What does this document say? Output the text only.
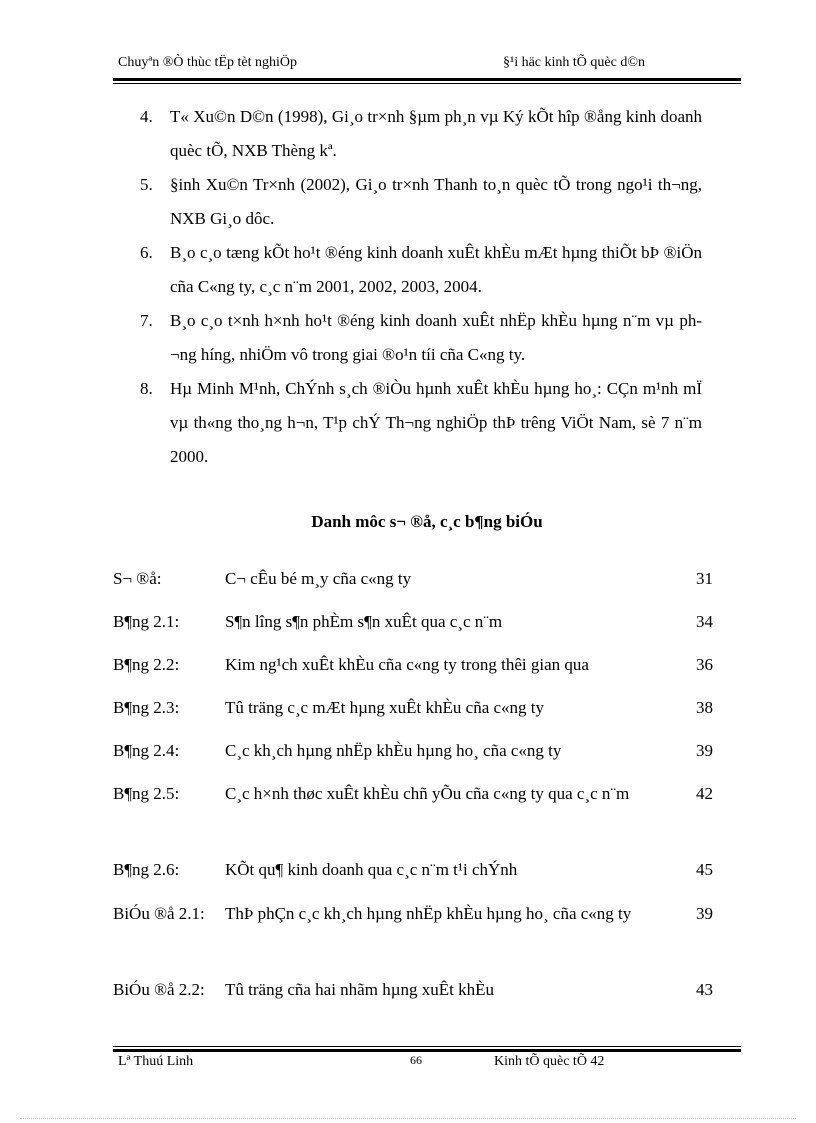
Chuyªn ®Ò thùc tËp tèt nghiÖp	§¹i häc kinh tÕ quèc d©n
4.	T« Xu©n D©n (1998), Gi¸o tr×nh §µm ph¸n vµ Ký kÕt hîp ®ång kinh doanh quèc tÕ, NXB Thèng kª.
5.	§inh Xu©n Tr×nh (2002), Gi¸o tr×nh Thanh to¸n quèc tÕ trong ngo¹i th¬ng, NXB Gi¸o dôc.
6.	B¸o c¸o tæng kÕt ho¹t ®éng kinh doanh xuÊt khÈu mÆt hµng thiÕt bÞ ®iÖn cña C«ng ty, c¸c n¨m 2001, 2002, 2003, 2004.
7.	B¸o c¸o t×nh h×nh ho¹t ®éng kinh doanh xuÊt nhËp khÈu hµng n¨m vµ ph¬ng híng, nhiÖm vô trong giai ®o¹n tíi cña C«ng ty.
8.	Hµ Minh M¹nh, ChÝnh s¸ch ®iÒu hµnh xuÊt khÈu hµng ho¸: CÇn m¹nh mÏ vµ th«ng tho¸ng h¬n, T¹p chÝ Th¬ng nghiÖp thÞ trêng ViÖt Nam, sè 7 n¨m 2000.
Danh môc s¬ ®å, c¸c b¶ng biÓu
S¬ ®å:	C¬ cÊu bé m¸y cña c«ng ty	31
B¶ng 2.1:	S¶n lîng s¶n phÈm s¶n xuÊt qua c¸c n¨m	34
B¶ng 2.2:	Kim ng¹ch xuÊt khÈu cña c«ng ty trong thêi gian qua	36
B¶ng 2.3:	Tû träng c¸c mÆt hµng xuÊt khÈu cña c«ng ty	38
B¶ng 2.4:	C¸c kh¸ch hµng nhËp khÈu hµng ho¸ cña c«ng ty	39
B¶ng 2.5:	C¸c h×nh thøc xuÊt khÈu chñ yÕu cña c«ng ty qua c¸c n¨m	42
B¶ng 2.6:	KÕt qu¶ kinh doanh qua c¸c n¨m t¹i chÝnh	45
BiÓu ®å 2.1: ThÞ phÇn c¸c kh¸ch hµng nhËp khÈu hµng ho¸ cña c«ng ty	39
BiÓu ®å 2.2: Tû träng cña hai nhãm hµng xuÊt khÈu	43
Lª Thuú Linh	66	Kinh tÕ quèc tÕ 42
